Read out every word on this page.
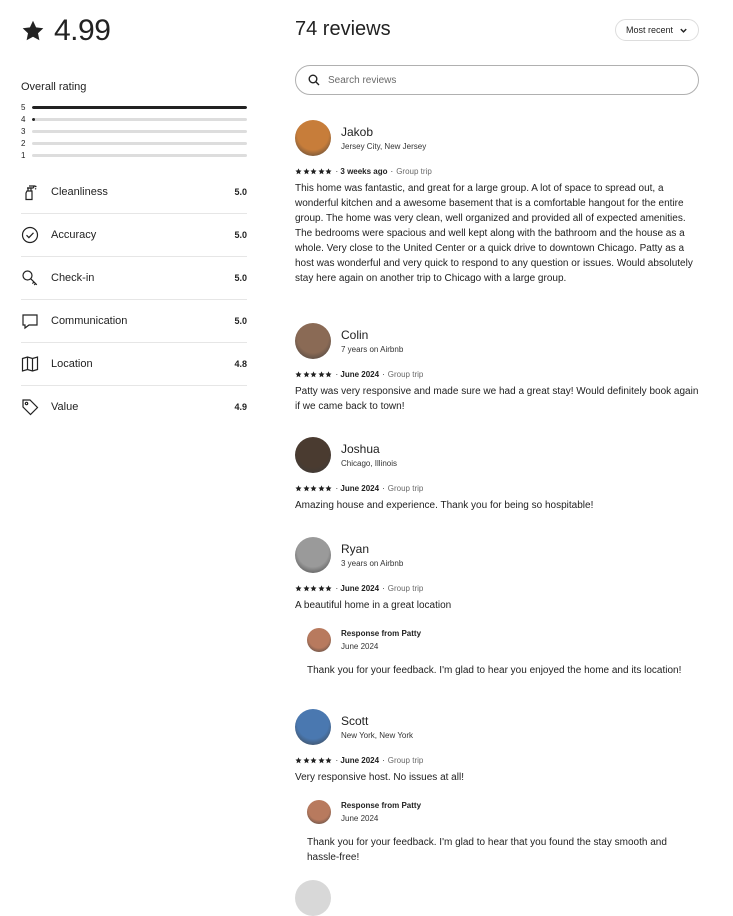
4.99
Overall rating
5
4
3
2
1
Cleanliness	5.0
Accuracy	5.0
Check-in	5.0
Communication	5.0
Location	4.8
Value	4.9
74 reviews	Most recent
Search reviews
Jakob
Jersey City, New Jersey
· 3 weeks ago · Group trip
This home was fantastic, and great for a large group. A lot of space to spread out, a wonderful kitchen and a awesome basement that is a comfortable hangout for the entire group. The home was very clean, well organized and provided all of expected amenities. The bedrooms were spacious and well kept along with the bathroom and the house as a whole. Very close to the United Center or a quick drive to downtown Chicago. Patty as a host was wonderful and very quick to respond to any question or issues. Would absolutely stay here again on another trip to Chicago with a large group.
Colin
7 years on Airbnb
· June 2024 · Group trip
Patty was very responsive and made sure we had a great stay! Would definitely book again if we came back to town!
Joshua
Chicago, Illinois
· June 2024 · Group trip
Amazing house and experience. Thank you for being so hospitable!
Ryan
3 years on Airbnb
· June 2024 · Group trip
A beautiful home in a great location
Response from Patty
June 2024
Thank you for your feedback. I'm glad to hear you enjoyed the home and its location!
Scott
New York, New York
· June 2024 · Group trip
Very responsive host. No issues at all!
Response from Patty
June 2024
Thank you for your feedback. I'm glad to hear that you found the stay smooth and hassle-free!
